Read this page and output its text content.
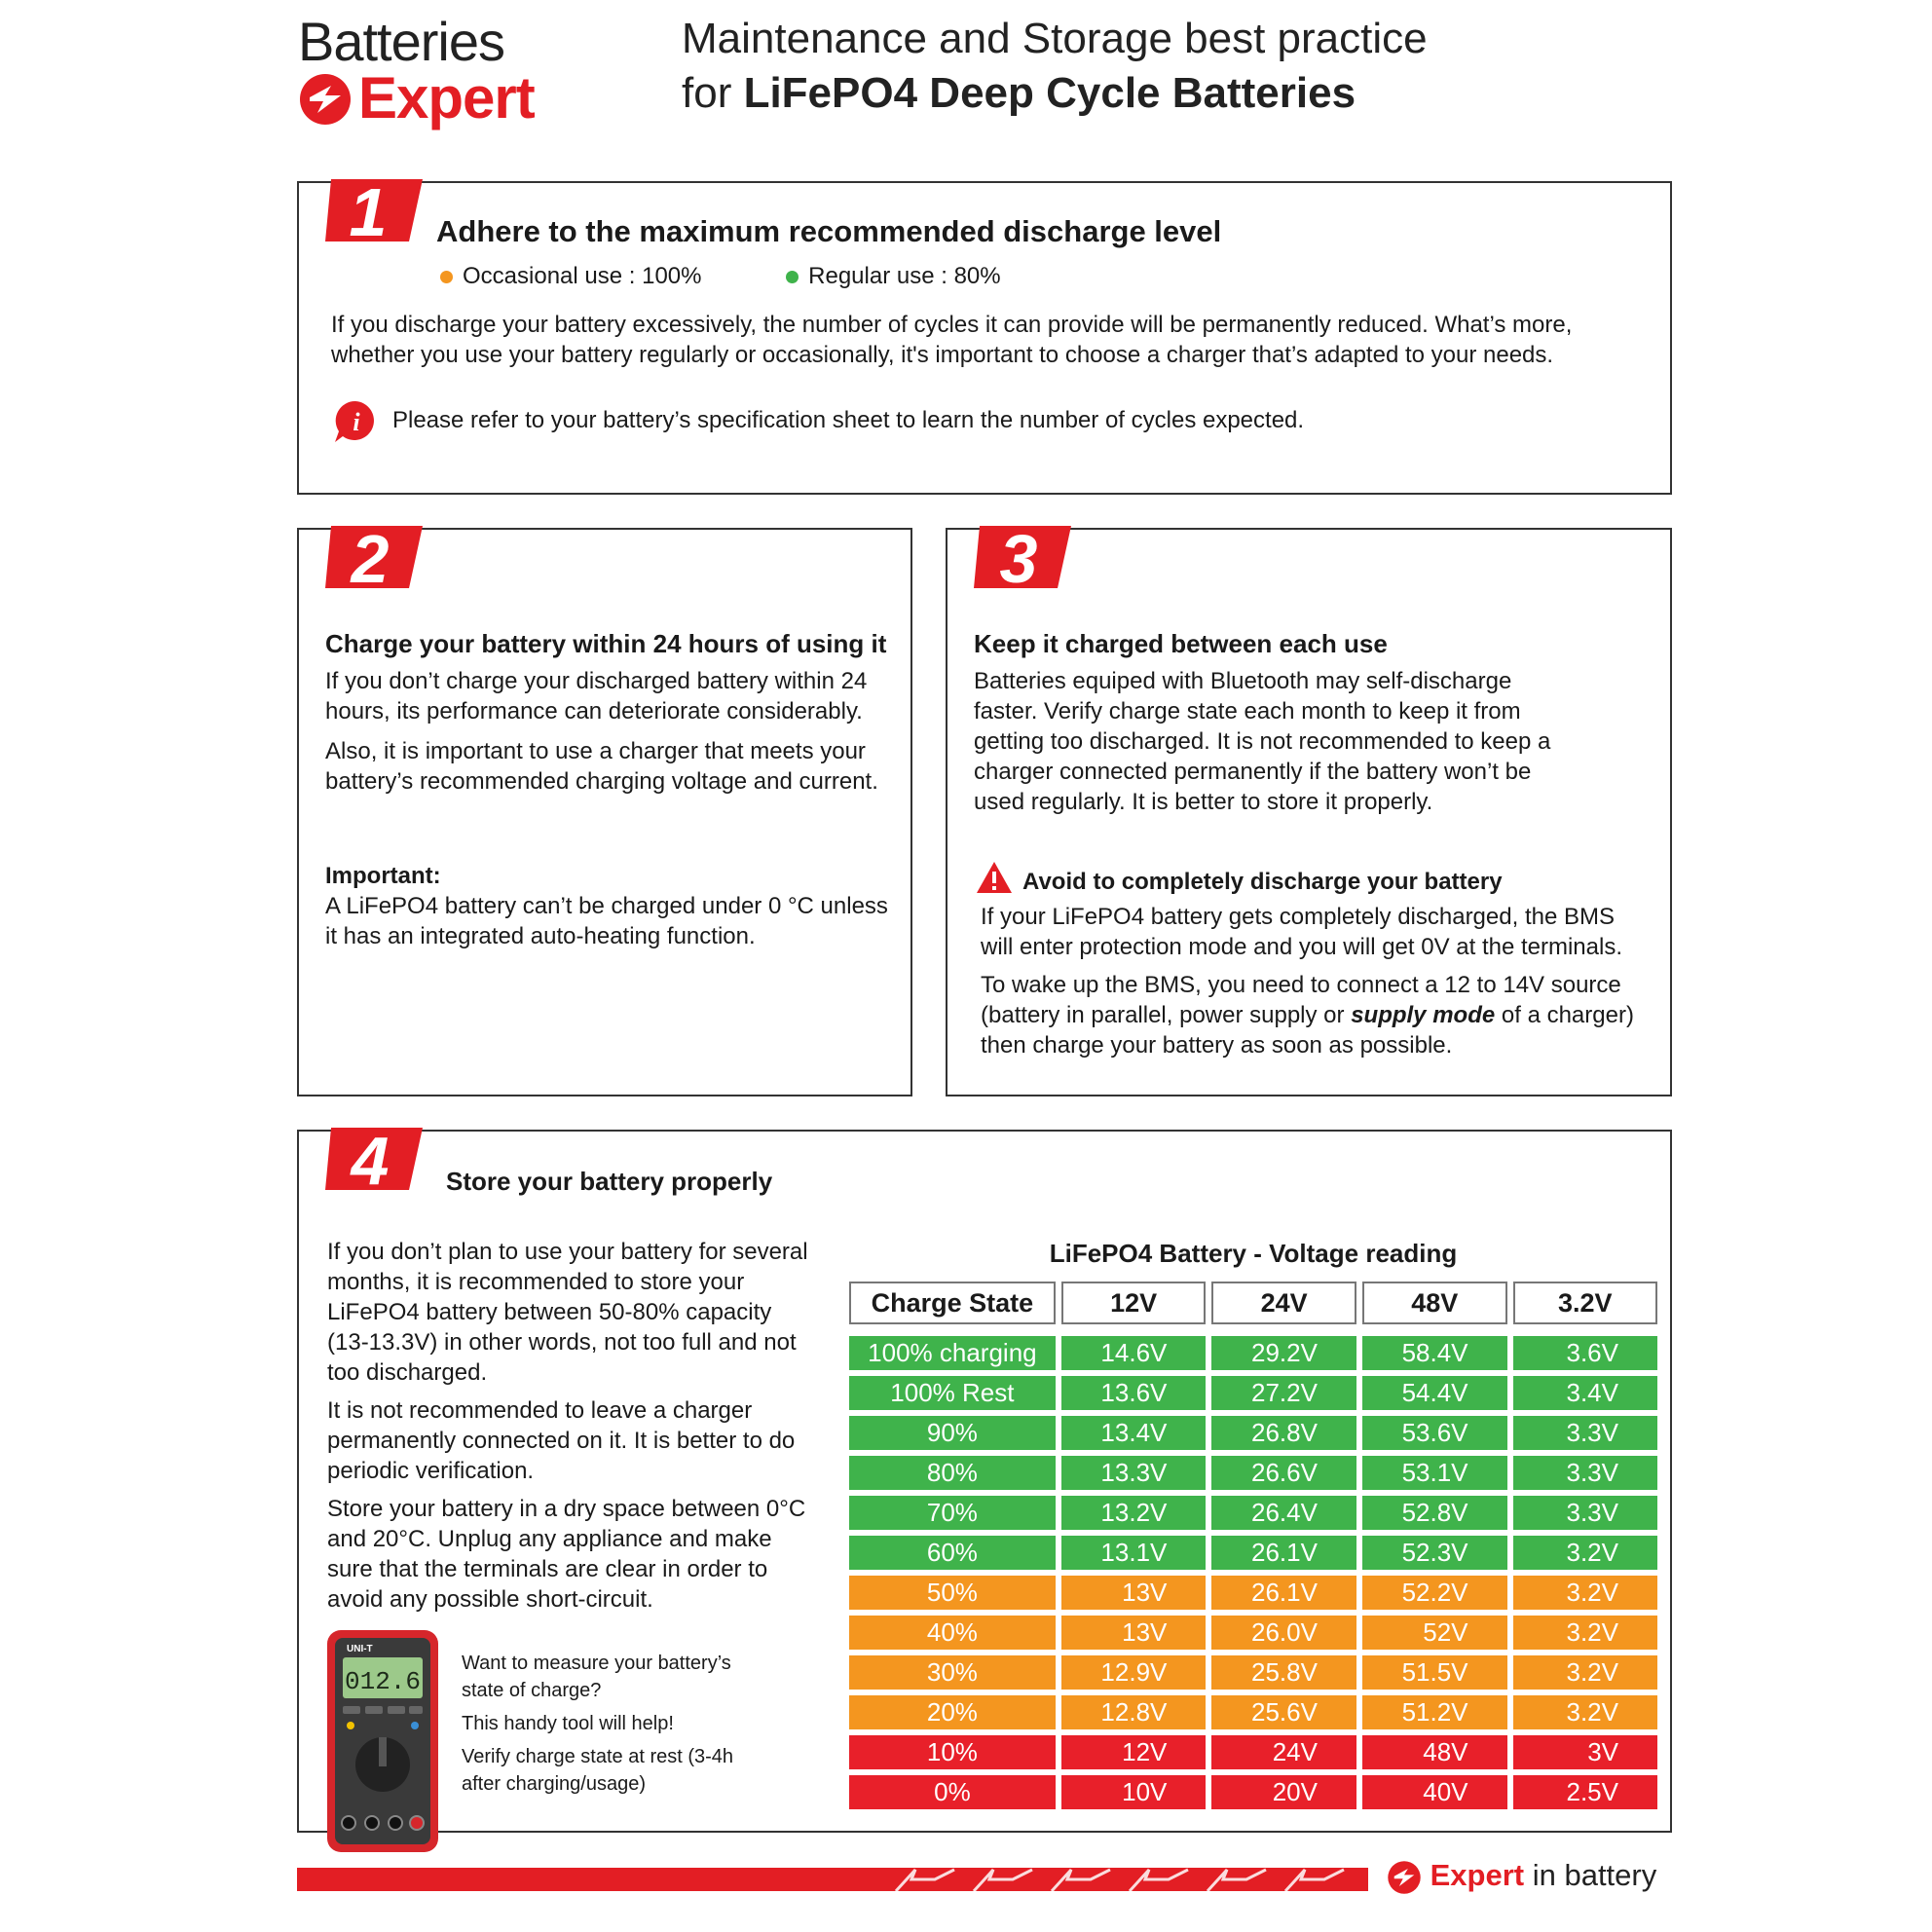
Batteries
Expert
Maintenance and Storage best practice
for LiFePO4 Deep Cycle Batteries
1 Adhere to the maximum recommended discharge level
Occasional use : 100%	Regular use : 80%

If you discharge your battery excessively, the number of cycles it can provide will be permanently reduced. What’s more,

whether you use your battery regularly or occasionally, it's important to choose a charger that’s adapted to your needs.

i Please refer to your battery’s specification sheet to learn the number of cycles expected.
2
Charge your battery within 24 hours of using it

If you don’t charge your discharged battery within 24 hours, its performance can deteriorate considerably.

Also, it is important to use a charger that meets your battery’s recommended charging voltage and current.

Important:

A LiFePO4 battery can’t be charged under 0 °C unless it has an integrated auto-heating function.

3
Keep it charged between each use

Batteries equiped with Bluetooth may self-discharge faster. Verify charge state each month to keep it from getting too discharged. It is not recommended to keep a charger connected permanently if the battery won’t be used regularly. It is better to store it properly.

Avoid to completely discharge your battery

If your LiFePO4 battery gets completely discharged, the BMS will enter protection mode and you will get 0V at the terminals.

To wake up the BMS, you need to connect a 12 to 14V source (battery in parallel, power supply or supply mode of a charger) then charge your battery as soon as possible.

4 Store your battery properly

If you don’t plan to use your battery for several months, it is recommended to store your LiFePO4 battery between 50-80% capacity (13-13.3V) in other words, not too full and not too discharged.

It is not recommended to leave a charger permanently connected on it. It is better to do periodic verification.

Store your battery in a dry space between 0°C and 20°C. Unplug any appliance and make sure that the terminals are clear in order to avoid any possible short-circuit.

UNI-T
012.6
Want to measure your battery’s state of charge?
This handy tool will help!
Verify charge state at rest (3-4h after charging/usage)
LiFePO4 Battery - Voltage reading
Charge State	12V	24V	48V	3.2V

100% charging	14.6V	29.2V	58.4V	3.6V
100% Rest	13.6V	27.2V	54.4V	3.4V
90%	13.4V	26.8V	53.6V	3.3V
80%	13.3V	26.6V	53.1V	3.3V
70%	13.2V	26.4V	52.8V	3.3V
60%	13.1V	26.1V	52.3V	3.2V
50%	13V	26.1V	52.2V	3.2V
40%	13V	26.0V	52V	3.2V
30%	12.9V	25.8V	51.5V	3.2V
20%	12.8V	25.6V	51.2V	3.2V
10%	12V	24V	48V	3V
0%	10V	20V	40V	2.5V
Expert in battery
